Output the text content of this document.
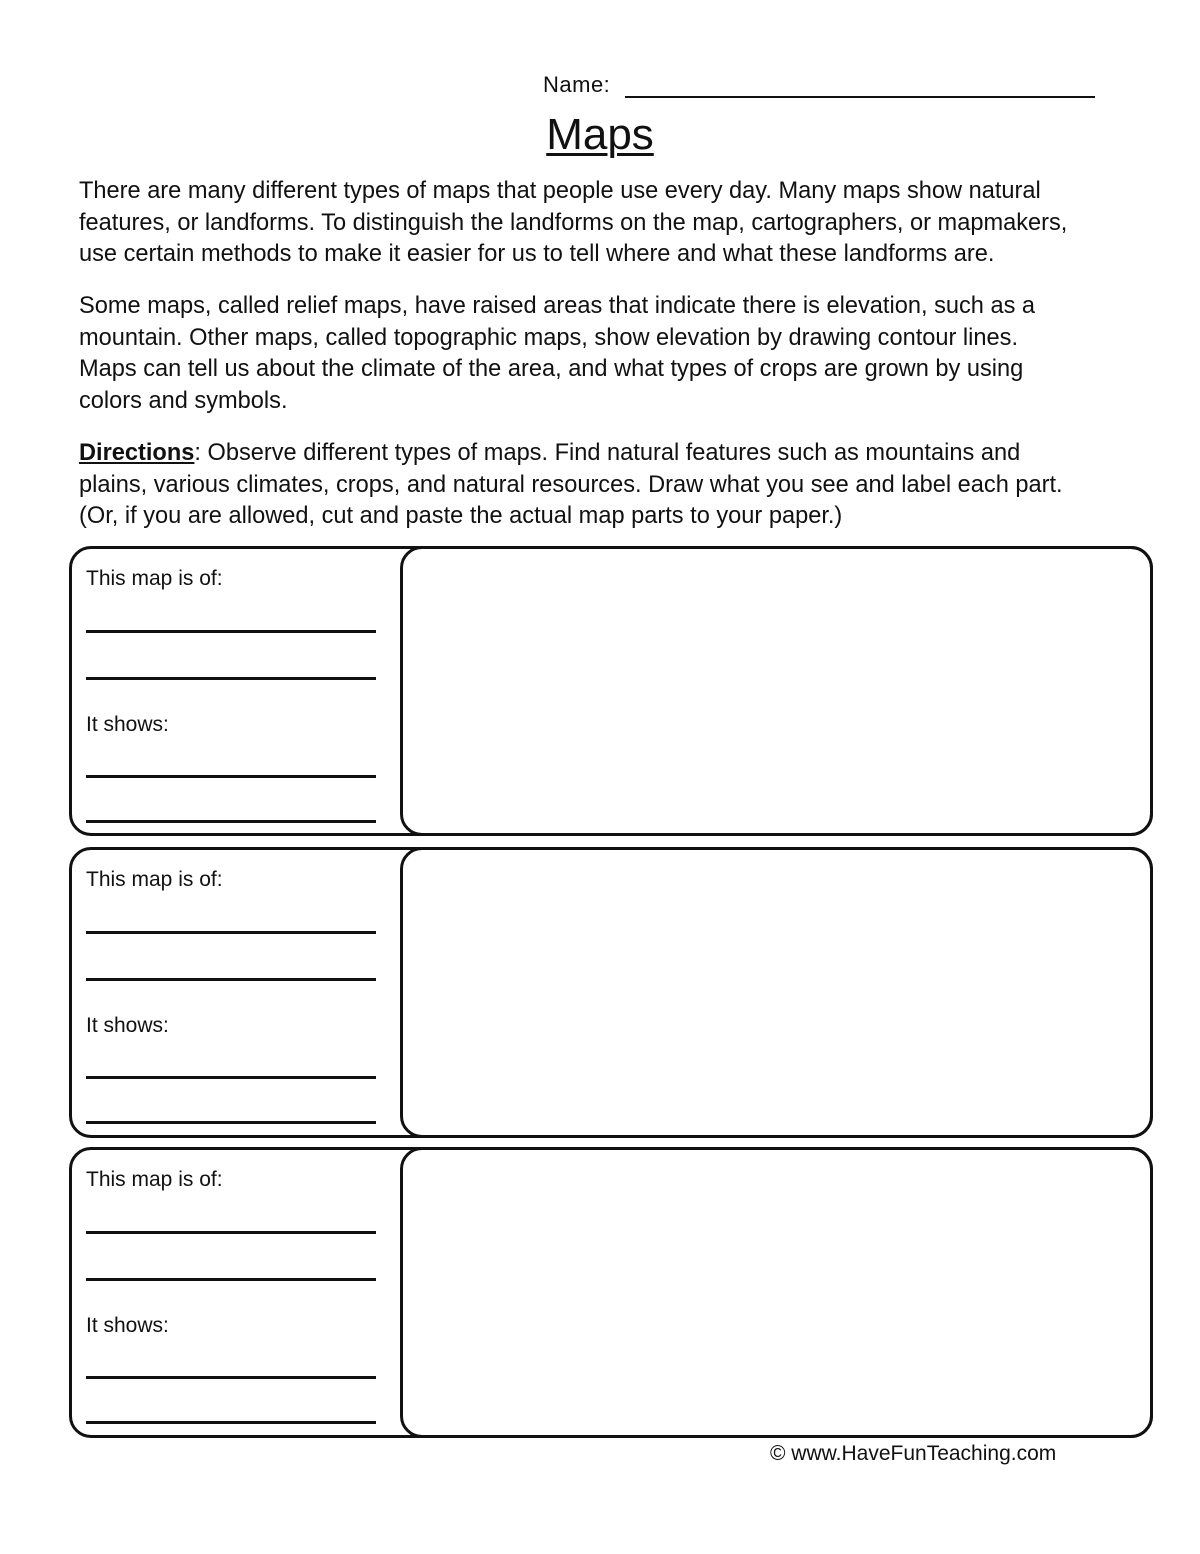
Name:
Maps

There are many different types of maps that people use every day. Many maps show natural
features, or landforms. To distinguish the landforms on the map, cartographers, or mapmakers,
use certain methods to make it easier for us to tell where and what these landforms are.

Some maps, called relief maps, have raised areas that indicate there is elevation, such as a
mountain. Other maps, called topographic maps, show elevation by drawing contour lines.
Maps can tell us about the climate of the area, and what types of crops are grown by using
colors and symbols.

Directions: Observe different types of maps. Find natural features such as mountains and
plains, various climates, crops, and natural resources. Draw what you see and label each part.
(Or, if you are allowed, cut and paste the actual map parts to your paper.)

This map is of:
It shows:
This map is of:
It shows:
This map is of:
It shows:
© www.HaveFunTeaching.com
